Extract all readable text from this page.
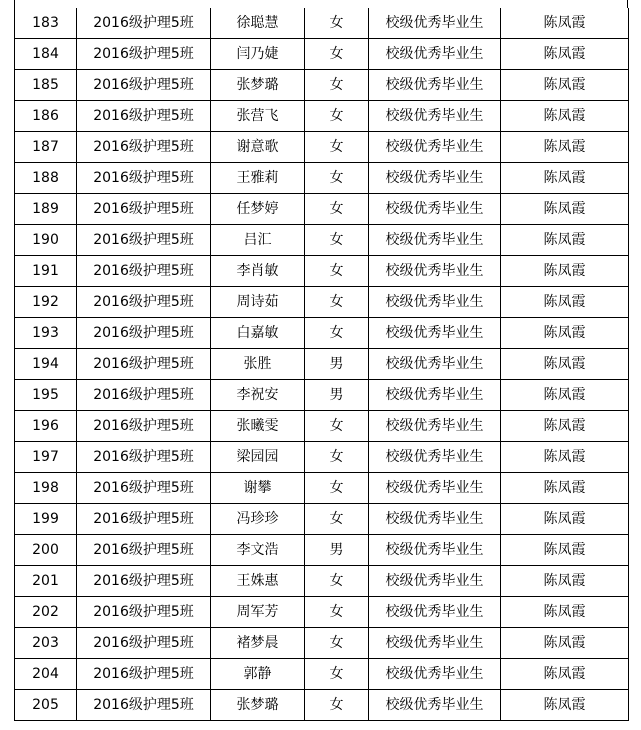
183	2016级护理5班	徐聪慧	女	校级优秀毕业生	陈凤霞
184	2016级护理5班	闫乃婕	女	校级优秀毕业生	陈凤霞
185	2016级护理5班	张梦璐	女	校级优秀毕业生	陈凤霞
186	2016级护理5班	张营飞	女	校级优秀毕业生	陈凤霞
187	2016级护理5班	谢意歌	女	校级优秀毕业生	陈凤霞
188	2016级护理5班	王雅莉	女	校级优秀毕业生	陈凤霞
189	2016级护理5班	任梦婷	女	校级优秀毕业生	陈凤霞
190	2016级护理5班	吕汇	女	校级优秀毕业生	陈凤霞
191	2016级护理5班	李肖敏	女	校级优秀毕业生	陈凤霞
192	2016级护理5班	周诗茹	女	校级优秀毕业生	陈凤霞
193	2016级护理5班	白嘉敏	女	校级优秀毕业生	陈凤霞
194	2016级护理5班	张胜	男	校级优秀毕业生	陈凤霞
195	2016级护理5班	李祝安	男	校级优秀毕业生	陈凤霞
196	2016级护理5班	张曦雯	女	校级优秀毕业生	陈凤霞
197	2016级护理5班	梁园园	女	校级优秀毕业生	陈凤霞
198	2016级护理5班	谢攀	女	校级优秀毕业生	陈凤霞
199	2016级护理5班	冯珍珍	女	校级优秀毕业生	陈凤霞
200	2016级护理5班	李文浩	男	校级优秀毕业生	陈凤霞
201	2016级护理5班	王姝惠	女	校级优秀毕业生	陈凤霞
202	2016级护理5班	周军芳	女	校级优秀毕业生	陈凤霞
203	2016级护理5班	褚梦晨	女	校级优秀毕业生	陈凤霞
204	2016级护理5班	郭静	女	校级优秀毕业生	陈凤霞
205	2016级护理5班	张梦璐	女	校级优秀毕业生	陈凤霞
